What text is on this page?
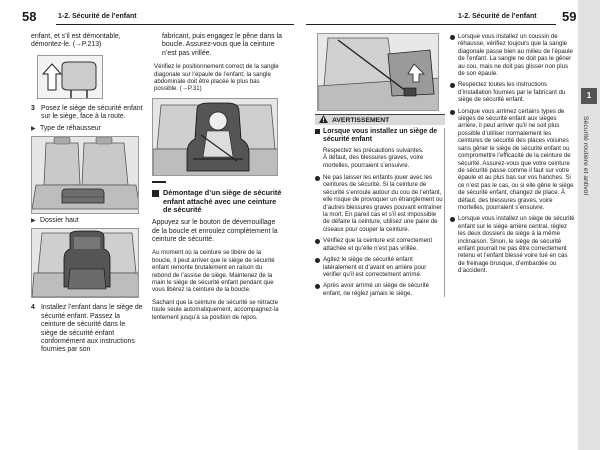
58	1-2. Sécurité de l’enfant	1-2. Sécurité de l’enfant 59
1
Sécurité routière et antivol

enfant, et s’il est démontable, démontez-le. (→P.213)

3 Posez le siège de sécurité enfant sur le siège, face à la route.
▶ Type de réhausseur
▶ Dossier haut
4 Installez l’enfant dans le siège de sécurité enfant. Passez la ceinture de sécurité dans le siège de sécurité enfant conformément aux instructions fournies par son

fabricant, puis engagez le pêne dans la boucle. Assurez-vous que la ceinture n’est pas vrillée.

Vérifiez le positionnement correct de la sangle diagonale sur l’épaule de l’enfant; la sangle abdominale doit être placée le plus bas possible. (→P.31)

Démontage d’un siège de sécurité enfant attaché avec une ceinture de sécurité

Appuyez sur le bouton de déverrouillage de la boucle et enroulez complètement la ceinture de sécurité.

Au moment où la ceinture se libère de la boucle, il peut arriver que le siège de sécurité enfant remonte brutalement en raison du rebond de l’assise de siège. Maintenez de la main le siège de sécurité enfant pendant que vous libérez la ceinture de la boucle.

Sachant que la ceinture de sécurité se rétracte toute seule automatiquement, accompagnez-la lentement jusqu’à sa position de repos.

AVERTISSEMENT
Lorsque vous installez un siège de sécurité enfant

Respectez les précautions suivantes.
À défaut, des blessures graves, voire mortelles, pourraient s’ensuivre.

Ne pas laisser les enfants jouer avec les ceintures de sécurité. Si la ceinture de sécurité s’enroule autour du cou de l’enfant, elle risque de provoquer un étranglement ou d’autres blessures graves pouvant entraîner la mort. En pareil cas et s’il est impossible de défaire la ceinture, utilisez une paire de ciseaux pour couper la ceinture.
Vérifiez que la ceinture est correctement attachée et qu’elle n’est pas vrillée.
Agitez le siège de sécurité enfant latéralement et d’avant en arrière pour vérifier qu’il est correctement arrimé.
Après avoir arrimé un siège de sécurité enfant, ne réglez jamais le siège.
Lorsque vous installez un coussin de réhausse, vérifiez toujours que la sangle diagonale passe bien au milieu de l’épaule de l’enfant. La sangle ne doit pas le gêner au cou, mais ne doit pas glisser non plus de son épaule.
Respectez toutes les instructions d’installation fournies par le fabricant du siège de sécurité enfant.
Lorsque vous arrimez certains types de sièges de sécurité enfant aux sièges arrière, il peut arriver qu’il ne soit plus possible d’utiliser normalement les ceintures de sécurité des places voisines sans gêner le siège de sécurité enfant ou compromettre l’efficacité de la ceinture de sécurité. Assurez-vous que votre ceinture de sécurité passe comme il faut sur votre épaule et au plus bas sur vos hanches. Si ce n’est pas le cas, ou si elle gêne le siège de sécurité enfant, changez de place. À défaut, des blessures graves, voire mortelles, pourraient s’ensuivre.
Lorsque vous installez un siège de sécurité enfant sur le siège arrière central, réglez les deux dossiers de siège à la même inclinaison. Sinon, le siège de sécurité enfant pourrait ne pas être correctement retenu et l’enfant blessé voire tué en cas de freinage brusque, d’embardée ou d’accident.
